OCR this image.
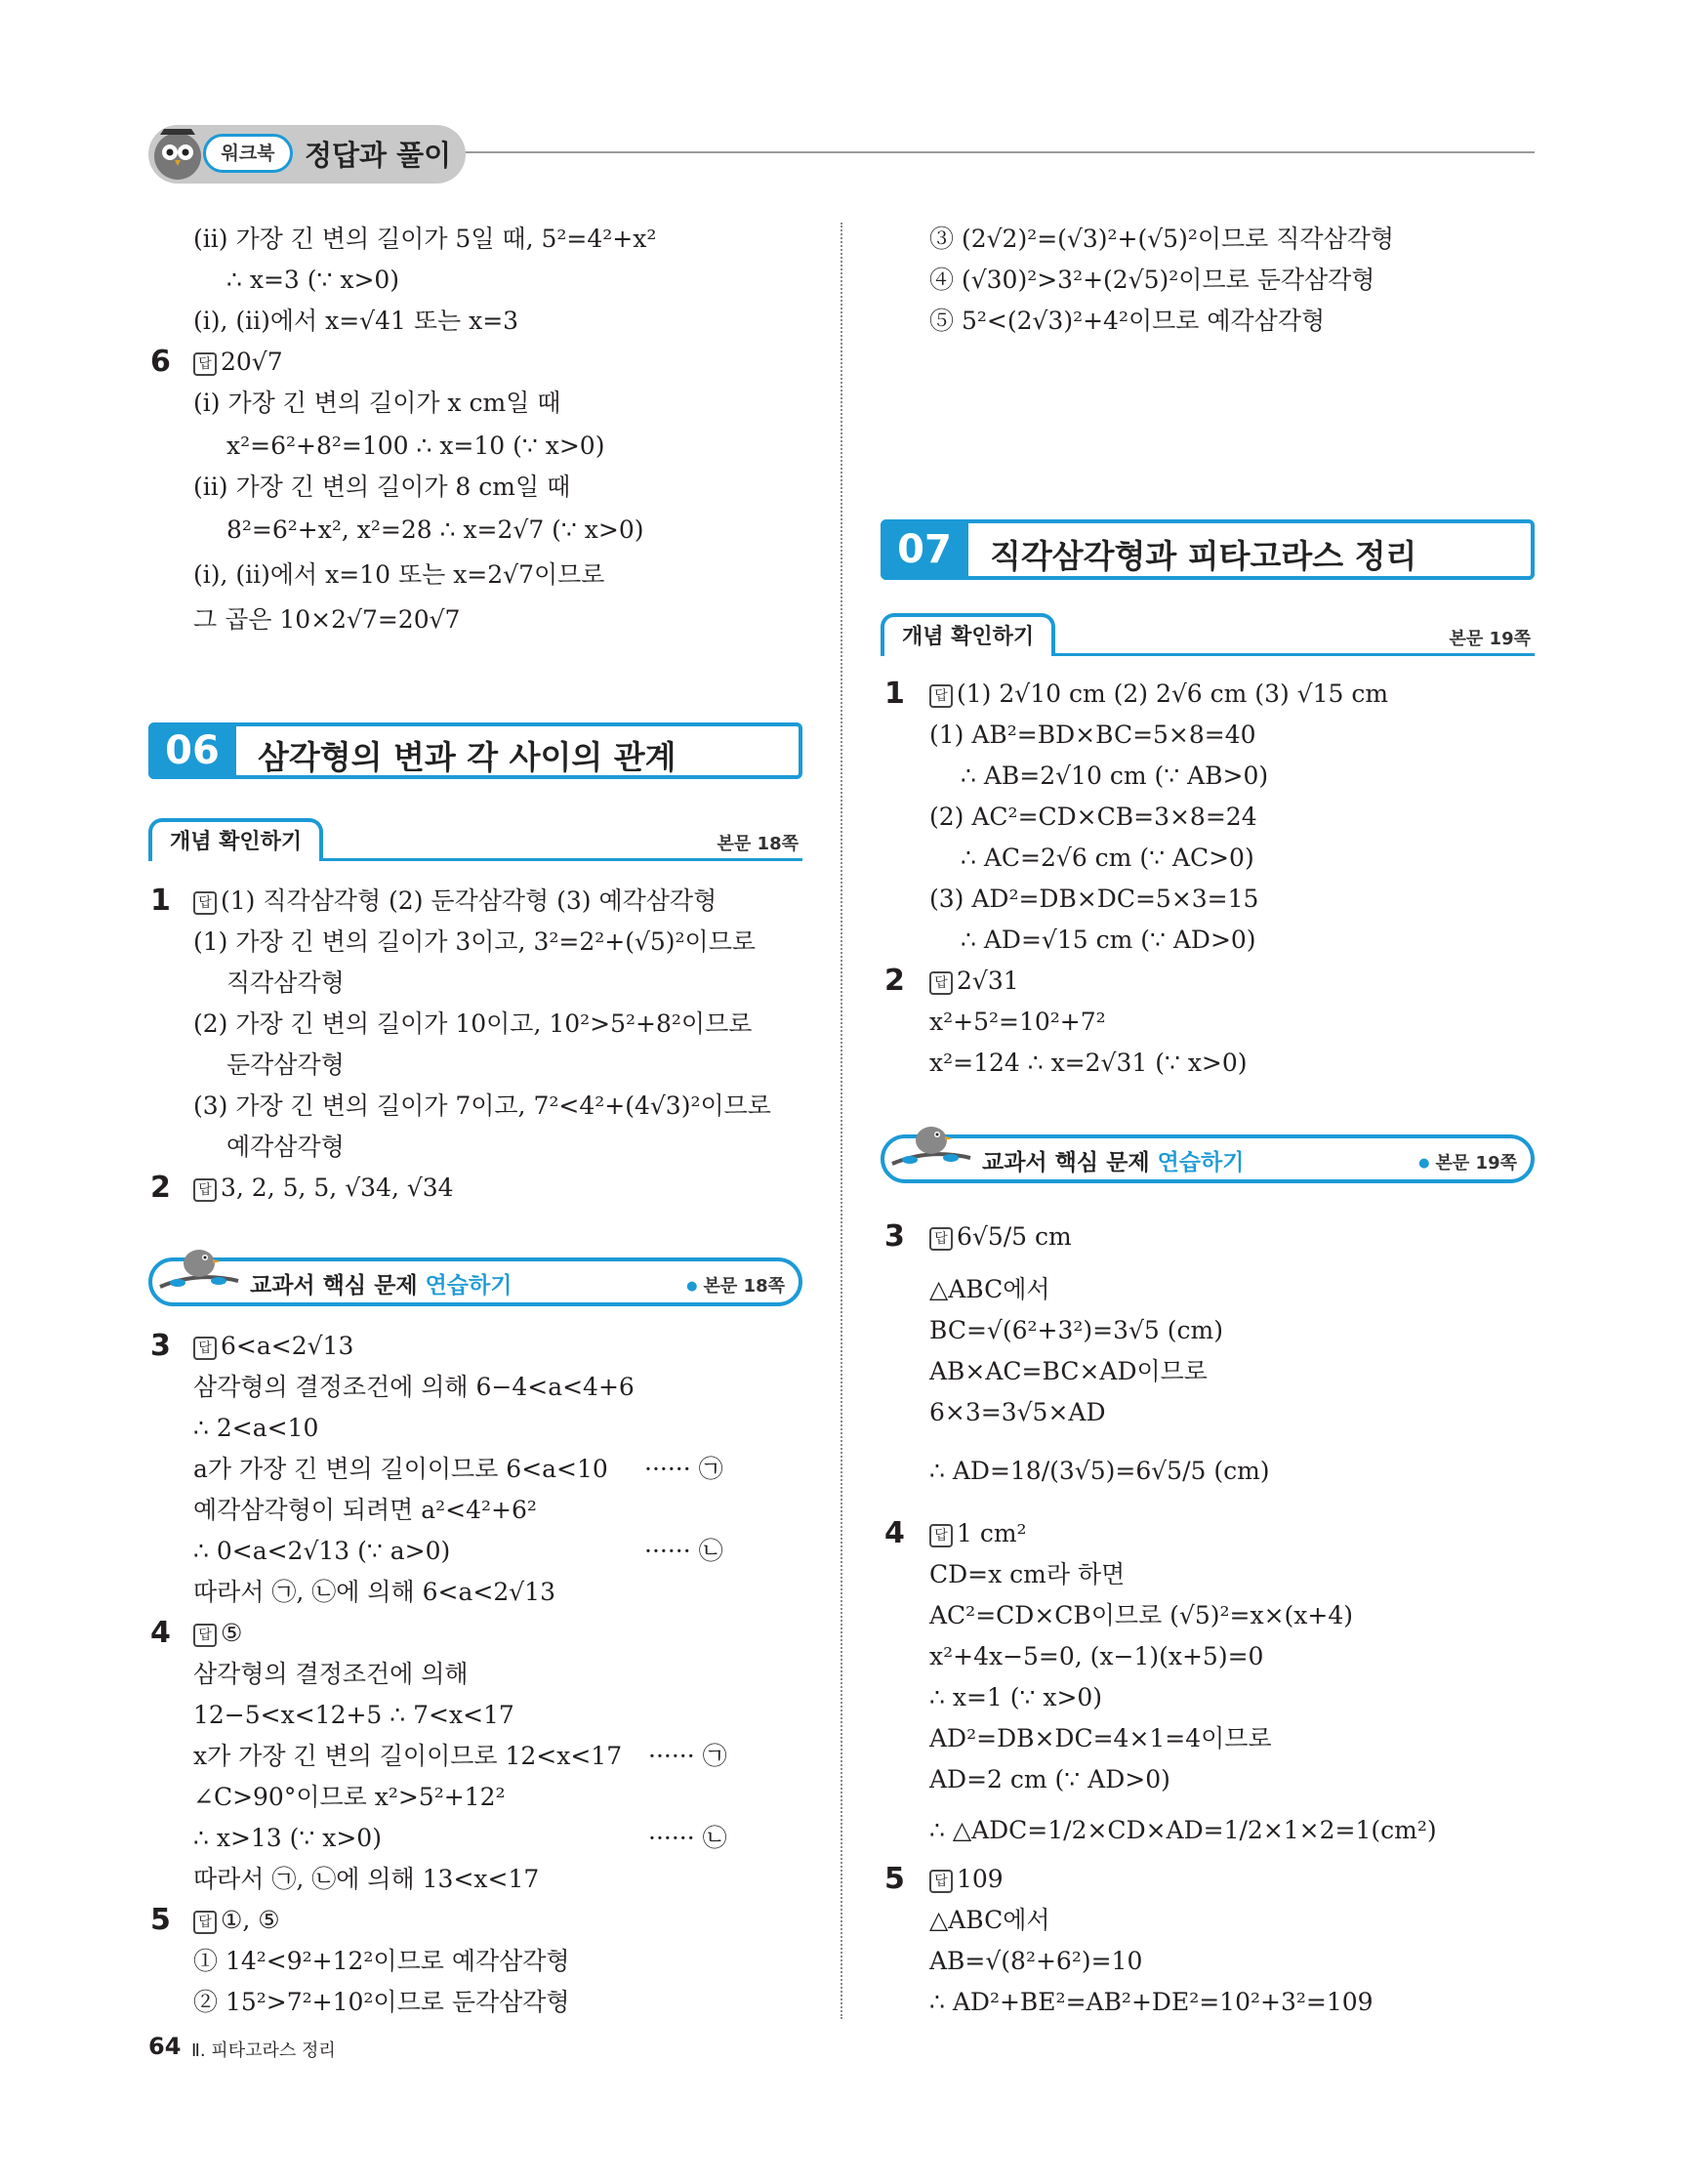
워크북	정답과 풀이
(ⅱ) 가장 긴 변의 길이가 5일 때, 5²=4²+x²
∴ x=3 (∵ x>0)
(ⅰ), (ⅱ)에서 x=√41 또는 x=3
6	답 20√7
(ⅰ) 가장 긴 변의 길이가 x cm일 때
x²=6²+8²=100 ∴ x=10 (∵ x>0)
(ⅱ) 가장 긴 변의 길이가 8 cm일 때
8²=6²+x², x²=28 ∴ x=2√7 (∵ x>0)
(ⅰ), (ⅱ)에서 x=10 또는 x=2√7이므로
그 곱은 10×2√7=20√7
06	삼각형의 변과 각 사이의 관계
개념 확인하기	본문 18쪽
1	답 (1) 직각삼각형 (2) 둔각삼각형 (3) 예각삼각형
(1) 가장 긴 변의 길이가 3이고, 3²=2²+(√5)²이므로
직각삼각형
(2) 가장 긴 변의 길이가 10이고, 10²>5²+8²이므로
둔각삼각형
(3) 가장 긴 변의 길이가 7이고, 7²<4²+(4√3)²이므로
예각삼각형
2	답 3, 2, 5, 5, √34, √34
교과서 핵심 문제 연습하기	● 본문 18쪽
3	답 6<a<2√13
삼각형의 결정조건에 의해 6−4<a<4+6
∴ 2<a<10
a가 가장 긴 변의 길이이므로 6<a<10 ······ ㉠
예각삼각형이 되려면 a²<4²+6²
∴ 0<a<2√13 (∵ a>0)	······ ㉡
따라서 ㉠, ㉡에 의해 6<a<2√13
4	답 ⑤
삼각형의 결정조건에 의해
12−5<x<12+5 ∴ 7<x<17
x가 가장 긴 변의 길이이므로 12<x<17 ······ ㉠
∠C>90°이므로 x²>5²+12²
∴ x>13 (∵ x>0)	······ ㉡
따라서 ㉠, ㉡에 의해 13<x<17
5	답 ①, ⑤
① 14²<9²+12²이므로 예각삼각형
② 15²>7²+10²이므로 둔각삼각형
③ (2√2)²=(√3)²+(√5)²이므로 직각삼각형
④ (√30)²>3²+(2√5)²이므로 둔각삼각형
⑤ 5²<(2√3)²+4²이므로 예각삼각형
07	직각삼각형과 피타고라스 정리
개념 확인하기	본문 19쪽
1	답 (1) 2√10 cm (2) 2√6 cm (3) √15 cm
(1) AB²=BD×BC=5×8=40
∴ AB=2√10 cm (∵ AB>0)
(2) AC²=CD×CB=3×8=24
∴ AC=2√6 cm (∵ AC>0)
(3) AD²=DB×DC=5×3=15
∴ AD=√15 cm (∵ AD>0)
2	답 2√31
x²+5²=10²+7²
x²=124 ∴ x=2√31 (∵ x>0)
교과서 핵심 문제 연습하기	● 본문 19쪽
3	답 6√5/5 cm
△ABC에서
BC=√(6²+3²)=3√5 (cm)
AB×AC=BC×AD이므로
6×3=3√5×AD
∴ AD=18/(3√5)=6√5/5 (cm)
4	답 1 cm²
CD=x cm라 하면
AC²=CD×CB이므로 (√5)²=x×(x+4)
x²+4x−5=0, (x−1)(x+5)=0
∴ x=1 (∵ x>0)
AD²=DB×DC=4×1=4이므로
AD=2 cm (∵ AD>0)
∴ △ADC=1/2×CD×AD=1/2×1×2=1(cm²)
5	답 109
△ABC에서
AB=√(8²+6²)=10
∴ AD²+BE²=AB²+DE²=10²+3²=109
64 Ⅱ. 피타고라스 정리
